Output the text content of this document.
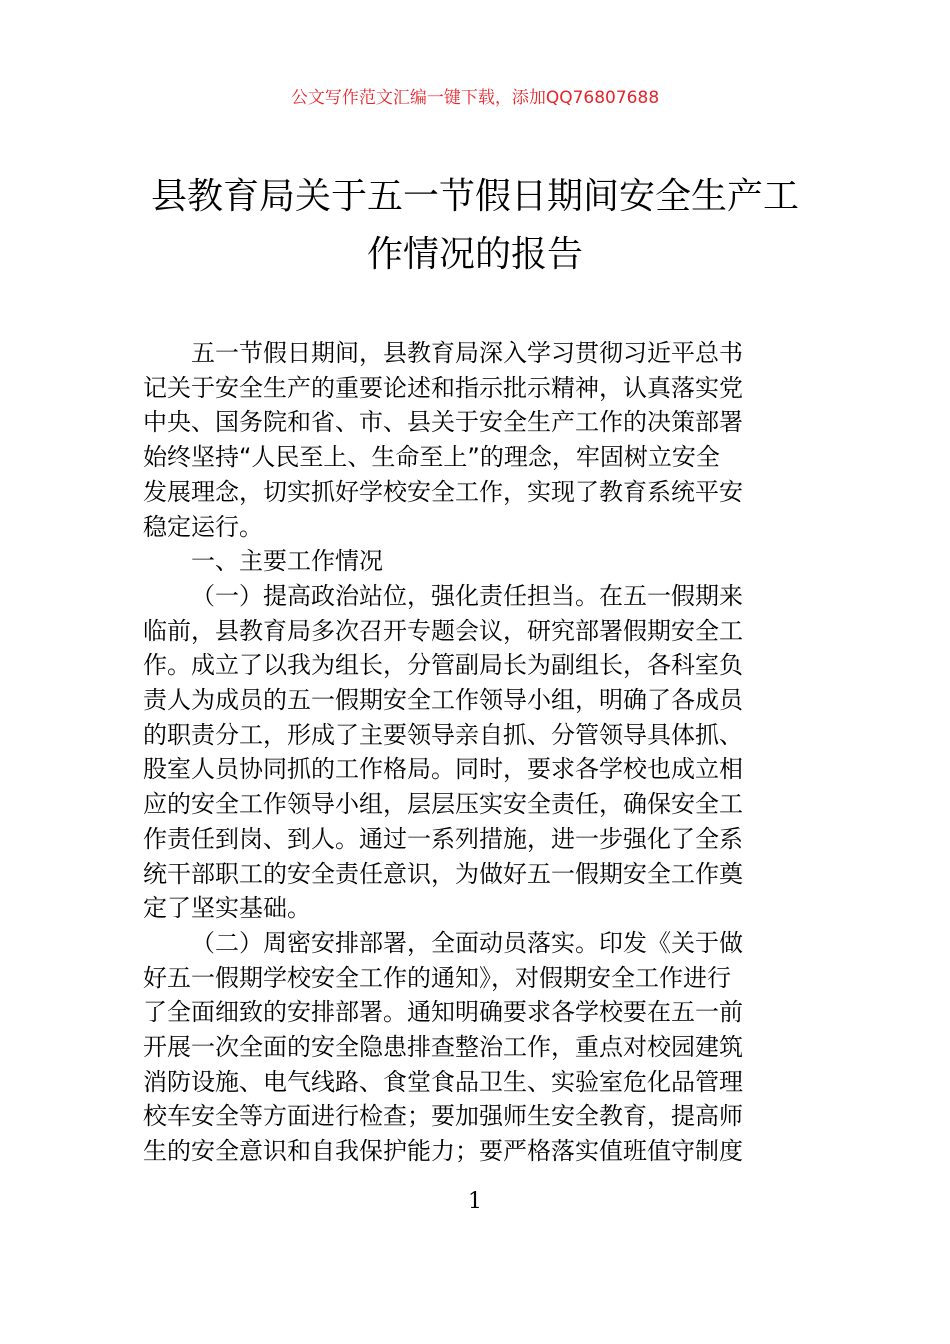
公文写作范文汇编一键下载，添加QQ76807688
县教育局关于五一节假日期间安全生产工
作情况的报告

五一节假日期间，县教育局深入学习贯彻习近平总书
记关于安全生产的重要论述和指示批示精神，认真落实党
中央、国务院和省、市、县关于安全生产工作的决策部署
始终坚持“人民至上、生命至上”的理念，牢固树立安全
发展理念，切实抓好学校安全工作，实现了教育系统平安
稳定运行。

一、主要工作情况

（一）提高政治站位，强化责任担当。在五一假期来
临前，县教育局多次召开专题会议，研究部署假期安全工
作。成立了以我为组长，分管副局长为副组长，各科室负
责人为成员的五一假期安全工作领导小组，明确了各成员
的职责分工，形成了主要领导亲自抓、分管领导具体抓、
股室人员协同抓的工作格局。同时，要求各学校也成立相
应的安全工作领导小组，层层压实安全责任，确保安全工
作责任到岗、到人。通过一系列措施，进一步强化了全系
统干部职工的安全责任意识，为做好五一假期安全工作奠
定了坚实基础。

（二）周密安排部署，全面动员落实。印发《关于做
好五一假期学校安全工作的通知》，对假期安全工作进行
了全面细致的安排部署。通知明确要求各学校要在五一前
开展一次全面的安全隐患排查整治工作，重点对校园建筑
消防设施、电气线路、食堂食品卫生、实验室危化品管理
校车安全等方面进行检查；要加强师生安全教育，提高师
生的安全意识和自我保护能力；要严格落实值班值守制度

1
